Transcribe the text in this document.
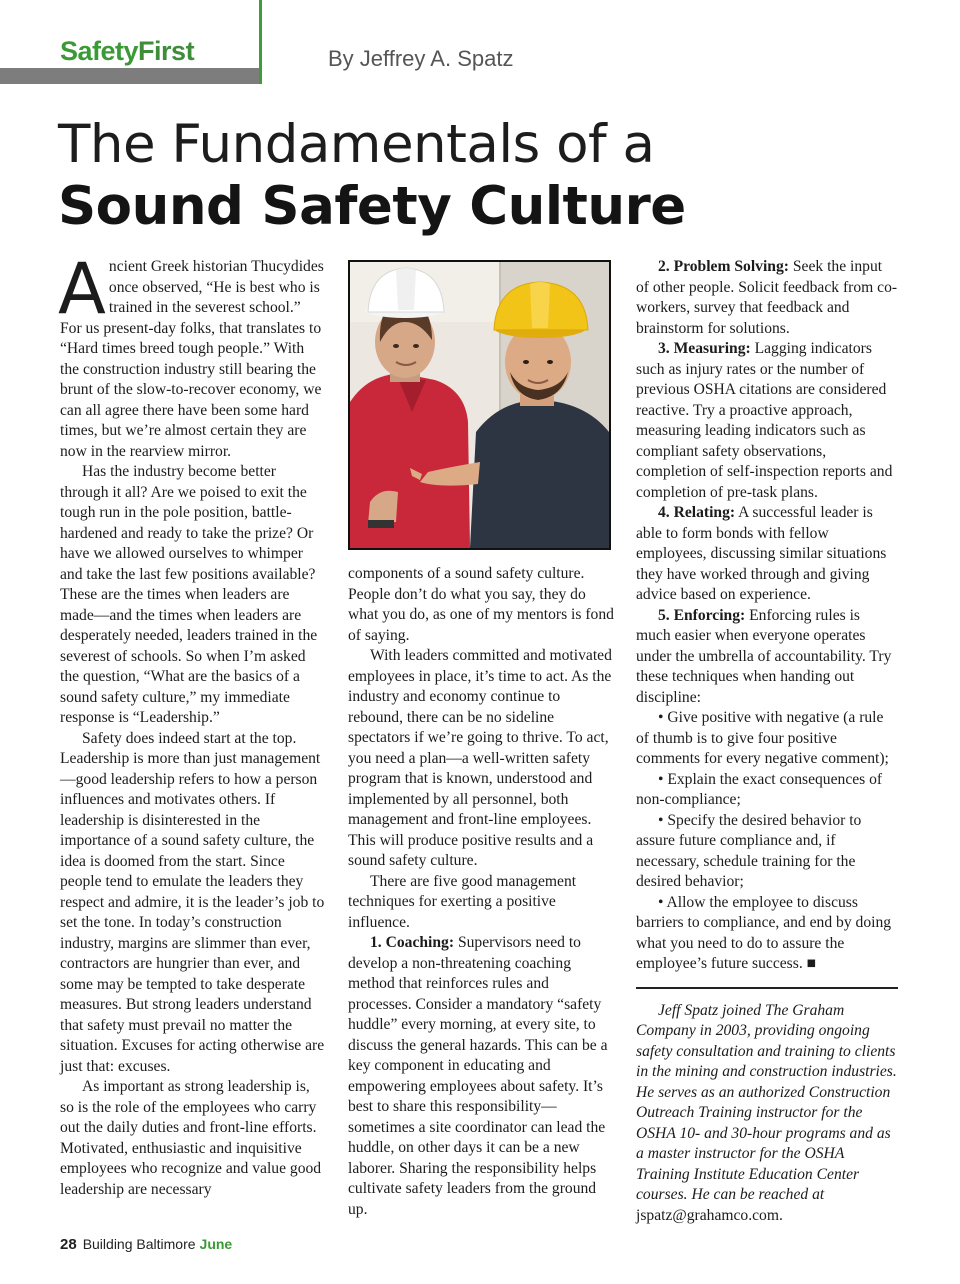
SafetyFirst	By Jeffrey A. Spatz
The Fundamentals of a
Sound Safety Culture

Ancient Greek historian Thucydides once observed, “He is best who is trained in the severest school.” For us present-day folks, that translates to “Hard times breed tough people.” With the construction industry still bearing the brunt of the slow-to-recover economy, we can all agree there have been some hard times, but we’re almost certain they are now in the rearview mirror.

Has the industry become better through it all? Are we poised to exit the tough run in the pole position, battle-hardened and ready to take the prize? Or have we allowed ourselves to whimper and take the last few positions available? These are the times when leaders are made—and the times when leaders are desperately needed, leaders trained in the severest of schools. So when I’m asked the question, “What are the basics of a sound safety culture,” my immediate response is “Leadership.”

Safety does indeed start at the top. Leadership is more than just management—good leadership refers to how a person influences and motivates others. If leadership is disinterested in the importance of a sound safety culture, the idea is doomed from the start. Since people tend to emulate the leaders they respect and admire, it is the leader’s job to set the tone. In today’s construction industry, margins are slimmer than ever, contractors are hungrier than ever, and some may be tempted to take desperate measures. But strong leaders understand that safety must prevail no matter the situation. Excuses for acting otherwise are just that: excuses.

As important as strong leadership is, so is the role of the employees who carry out the daily duties and front-line efforts. Motivated, enthusiastic and inquisitive employees who recognize and value good leadership are necessary

components of a sound safety culture. People don’t do what you say, they do what you do, as one of my mentors is fond of saying.

With leaders committed and motivated employees in place, it’s time to act. As the industry and economy continue to rebound, there can be no sideline spectators if we’re going to thrive. To act, you need a plan—a well-written safety program that is known, understood and implemented by all personnel, both management and front-line employees. This will produce positive results and a sound safety culture.

There are five good management techniques for exerting a positive influence.

1. Coaching: Supervisors need to develop a non-threatening coaching method that reinforces rules and processes. Consider a mandatory “safety huddle” every morning, at every site, to discuss the general hazards. This can be a key component in educating and empowering employees about safety. It’s best to share this responsibility—sometimes a site coordinator can lead the huddle, on other days it can be a new laborer. Sharing the responsibility helps cultivate safety leaders from the ground up.

2. Problem Solving: Seek the input of other people. Solicit feedback from co-workers, survey that feedback and brainstorm for solutions.

3. Measuring: Lagging indicators such as injury rates or the number of previous OSHA citations are considered reactive. Try a proactive approach, measuring leading indicators such as compliant safety observations, completion of self-inspection reports and completion of pre-task plans.

4. Relating: A successful leader is able to form bonds with fellow employees, discussing similar situations they have worked through and giving advice based on experience.

5. Enforcing: Enforcing rules is much easier when everyone operates under the umbrella of accountability. Try these techniques when handing out discipline:

• Give positive with negative (a rule of thumb is to give four positive comments for every negative comment);

• Explain the exact consequences of non-compliance;

• Specify the desired behavior to assure future compliance and, if necessary, schedule training for the desired behavior;

• Allow the employee to discuss barriers to compliance, and end by doing what you need to do to assure the employee’s future success. ■

Jeff Spatz joined The Graham Company in 2003, providing ongoing safety consultation and training to clients in the mining and construction industries. He serves as an authorized Construction Outreach Training instructor for the OSHA 10- and 30-hour programs and as a master instructor for the OSHA Training Institute Education Center courses. He can be reached at jspatz@grahamco.com.

28 Building Baltimore June
